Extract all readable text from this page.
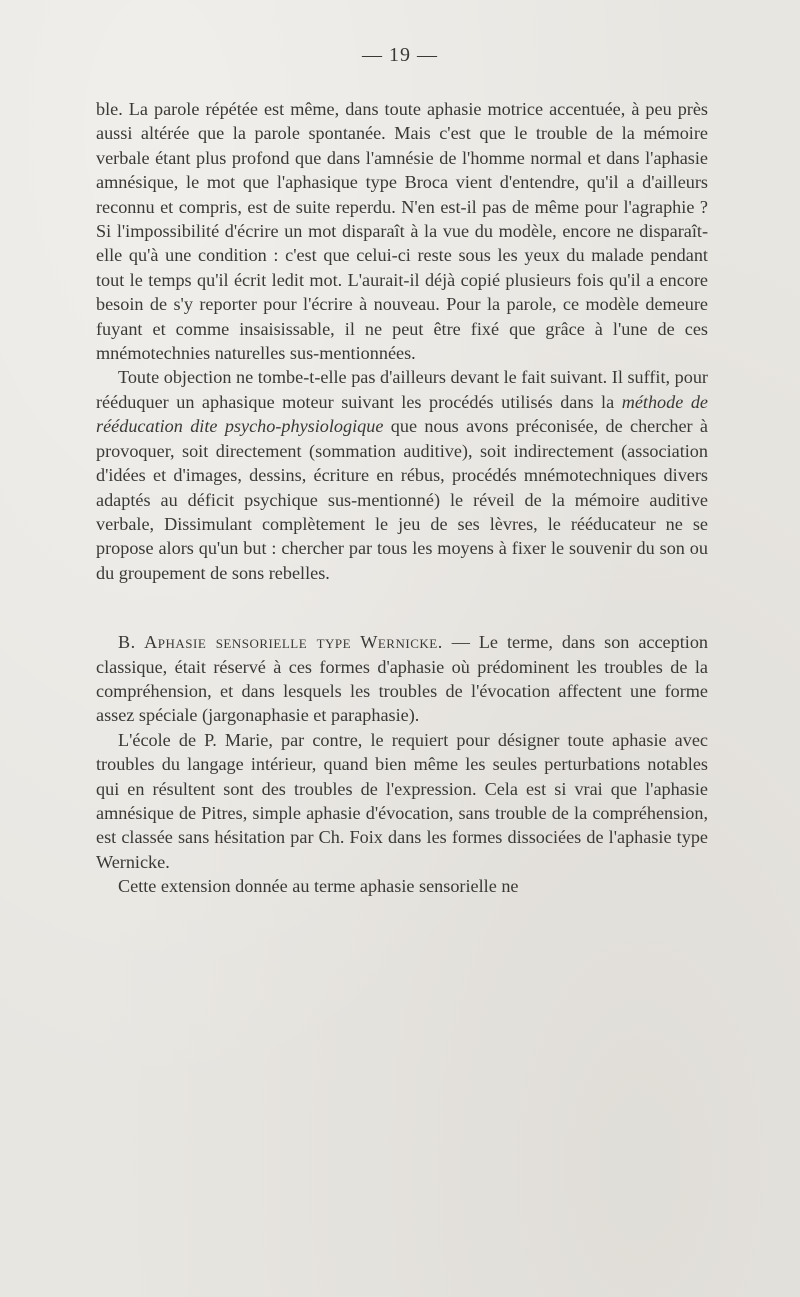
— 19 —

ble. La parole répétée est même, dans toute aphasie motrice accentuée, à peu près aussi altérée que la parole spontanée. Mais c'est que le trouble de la mémoire verbale étant plus profond que dans l'amnésie de l'homme normal et dans l'aphasie amnésique, le mot que l'aphasique type Broca vient d'entendre, qu'il a d'ailleurs reconnu et compris, est de suite reperdu. N'en est-il pas de même pour l'agraphie ? Si l'impossibilité d'écrire un mot disparaît à la vue du modèle, encore ne disparaît-elle qu'à une condition : c'est que celui-ci reste sous les yeux du malade pendant tout le temps qu'il écrit ledit mot. L'aurait-il déjà copié plusieurs fois qu'il a encore besoin de s'y reporter pour l'écrire à nouveau. Pour la parole, ce modèle demeure fuyant et comme insaisissable, il ne peut être fixé que grâce à l'une de ces mnémotechnies naturelles sus-mentionnées.

Toute objection ne tombe-t-elle pas d'ailleurs devant le fait suivant. Il suffit, pour rééduquer un aphasique moteur suivant les procédés utilisés dans la méthode de rééducation dite psycho-physiologique que nous avons préconisée, de chercher à provoquer, soit directement (sommation auditive), soit indirectement (association d'idées et d'images, dessins, écriture en rébus, procédés mnémotechniques divers adaptés au déficit psychique sus-mentionné) le réveil de la mémoire auditive verbale, Dissimulant complètement le jeu de ses lèvres, le rééducateur ne se propose alors qu'un but : chercher par tous les moyens à fixer le souvenir du son ou du groupement de sons rebelles.

B. Aphasie sensorielle type Wernicke. — Le terme, dans son acception classique, était réservé à ces formes d'aphasie où prédominent les troubles de la compréhension, et dans lesquels les troubles de l'évocation affectent une forme assez spéciale (jargonaphasie et paraphasie).

L'école de P. Marie, par contre, le requiert pour désigner toute aphasie avec troubles du langage intérieur, quand bien même les seules perturbations notables qui en résultent sont des troubles de l'expression. Cela est si vrai que l'aphasie amnésique de Pitres, simple aphasie d'évocation, sans trouble de la compréhension, est classée sans hésitation par Ch. Foix dans les formes dissociées de l'aphasie type Wernicke.

Cette extension donnée au terme aphasie sensorielle ne
